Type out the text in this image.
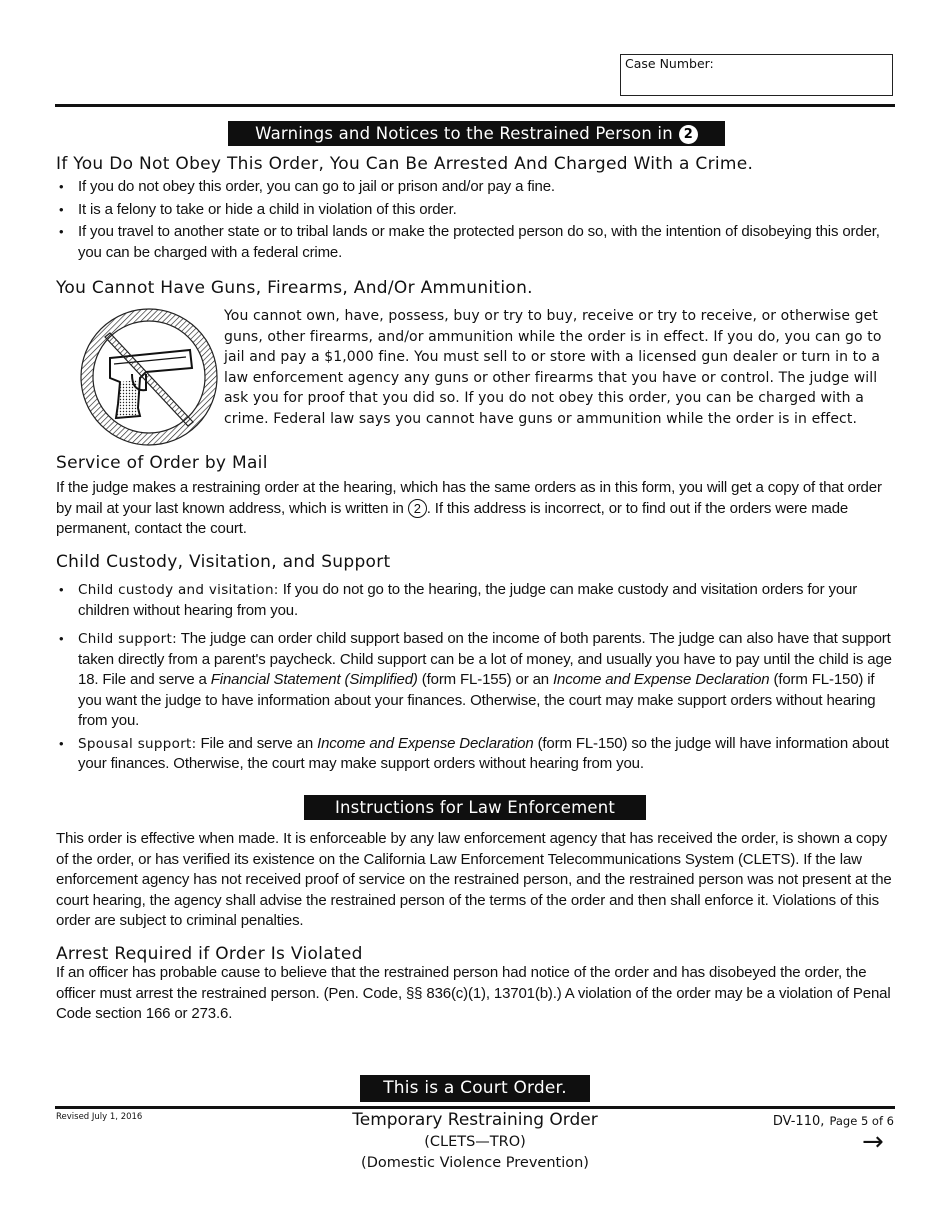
Case Number:
Warnings and Notices to the Restrained Person in 2
If You Do Not Obey This Order, You Can Be Arrested And Charged With a Crime.
• If you do not obey this order, you can go to jail or prison and/or pay a fine.
• It is a felony to take or hide a child in violation of this order.
• If you travel to another state or to tribal lands or make the protected person do so, with the intention of disobeying this order, you can be charged with a federal crime.
You Cannot Have Guns, Firearms, And/Or Ammunition.
You cannot own, have, possess, buy or try to buy, receive or try to receive, or otherwise get guns, other firearms, and/or ammunition while the order is in effect. If you do, you can go to jail and pay a $1,000 fine. You must sell to or store with a licensed gun dealer or turn in to a law enforcement agency any guns or other firearms that you have or control. The judge will ask you for proof that you did so. If you do not obey this order, you can be charged with a crime. Federal law says you cannot have guns or ammunition while the order is in effect.
Service of Order by Mail
If the judge makes a restraining order at the hearing, which has the same orders as in this form, you will get a copy of that order by mail at your last known address, which is written in 2 . If this address is incorrect, or to find out if the orders were made permanent, contact the court.
Child Custody, Visitation, and Support
• Child custody and visitation: If you do not go to the hearing, the judge can make custody and visitation orders for your children without hearing from you.
• Child support: The judge can order child support based on the income of both parents. The judge can also have that support taken directly from a parent's paycheck. Child support can be a lot of money, and usually you have to pay until the child is age 18. File and serve a Financial Statement (Simplified) (form FL-155) or an Income and Expense Declaration (form FL-150) if you want the judge to have information about your finances. Otherwise, the court may make support orders without hearing from you.
• Spousal support: File and serve an Income and Expense Declaration (form FL-150) so the judge will have information about your finances. Otherwise, the court may make support orders without hearing from you.
Instructions for Law Enforcement
This order is effective when made. It is enforceable by any law enforcement agency that has received the order, is shown a copy of the order, or has verified its existence on the California Law Enforcement Telecommunications System (CLETS). If the law enforcement agency has not received proof of service on the restrained person, and the restrained person was not present at the court hearing, the agency shall advise the restrained person of the terms of the order and then shall enforce it. Violations of this order are subject to criminal penalties.
Arrest Required if Order Is Violated
If an officer has probable cause to believe that the restrained person had notice of the order and has disobeyed the order, the officer must arrest the restrained person. (Pen. Code, §§ 836(c)(1), 13701(b).) A violation of the order may be a violation of Penal Code section 166 or 273.6.
This is a Court Order.
Revised July 1, 2016	Temporary Restraining Order
(CLETS—TRO)
(Domestic Violence Prevention)
DV-110, Page 5 of 6
→
